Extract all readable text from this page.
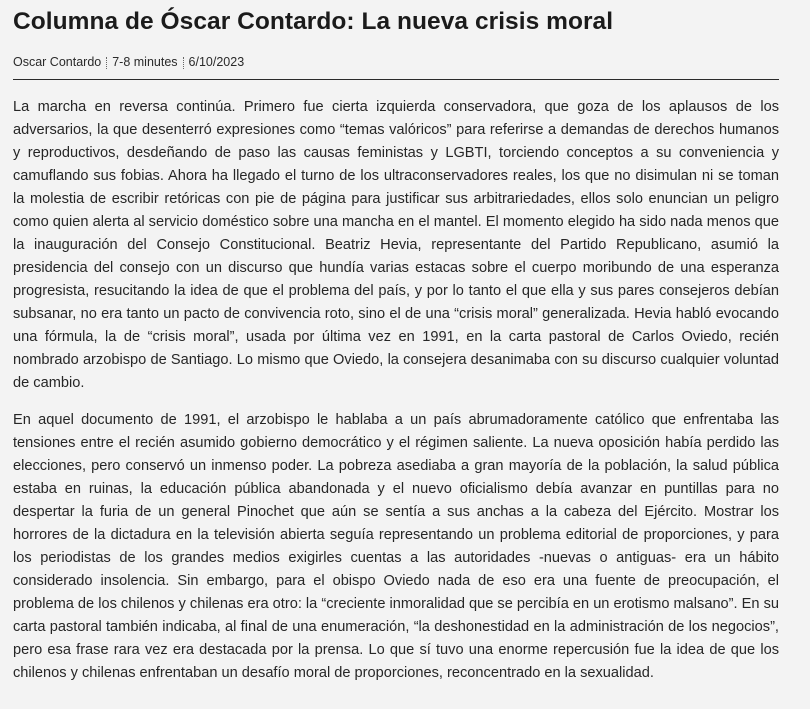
Columna de Óscar Contardo: La nueva crisis moral
Oscar Contardo 7-8 minutes 6/10/2023

La marcha en reversa continúa. Primero fue cierta izquierda conservadora, que goza de los aplausos de los adversarios, la que desenterró expresiones como “temas valóricos” para referirse a demandas de derechos humanos y reproductivos, desdeñando de paso las causas feministas y LGBTI, torciendo conceptos a su conveniencia y camuflando sus fobias. Ahora ha llegado el turno de los ultraconservadores reales, los que no disimulan ni se toman la molestia de escribir retóricas con pie de página para justificar sus arbitrariedades, ellos solo enuncian un peligro como quien alerta al servicio doméstico sobre una mancha en el mantel. El momento elegido ha sido nada menos que la inauguración del Consejo Constitucional. Beatriz Hevia, representante del Partido Republicano, asumió la presidencia del consejo con un discurso que hundía varias estacas sobre el cuerpo moribundo de una esperanza progresista, resucitando la idea de que el problema del país, y por lo tanto el que ella y sus pares consejeros debían subsanar, no era tanto un pacto de convivencia roto, sino el de una “crisis moral” generalizada. Hevia habló evocando una fórmula, la de “crisis moral”, usada por última vez en 1991, en la carta pastoral de Carlos Oviedo, recién nombrado arzobispo de Santiago. Lo mismo que Oviedo, la consejera desanimaba con su discurso cualquier voluntad de cambio.

En aquel documento de 1991, el arzobispo le hablaba a un país abrumadoramente católico que enfrentaba las tensiones entre el recién asumido gobierno democrático y el régimen saliente. La nueva oposición había perdido las elecciones, pero conservó un inmenso poder. La pobreza asediaba a gran mayoría de la población, la salud pública estaba en ruinas, la educación pública abandonada y el nuevo oficialismo debía avanzar en puntillas para no despertar la furia de un general Pinochet que aún se sentía a sus anchas a la cabeza del Ejército. Mostrar los horrores de la dictadura en la televisión abierta seguía representando un problema editorial de proporciones, y para los periodistas de los grandes medios exigirles cuentas a las autoridades -nuevas o antiguas- era un hábito considerado insolencia. Sin embargo, para el obispo Oviedo nada de eso era una fuente de preocupación, el problema de los chilenos y chilenas era otro: la “creciente inmoralidad que se percibía en un erotismo malsano”. En su carta pastoral también indicaba, al final de una enumeración, “la deshonestidad en la administración de los negocios”, pero esa frase rara vez era destacada por la prensa. Lo que sí tuvo una enorme repercusión fue la idea de que los chilenos y chilenas enfrentaban un desafío moral de proporciones, reconcentrado en la sexualidad.
